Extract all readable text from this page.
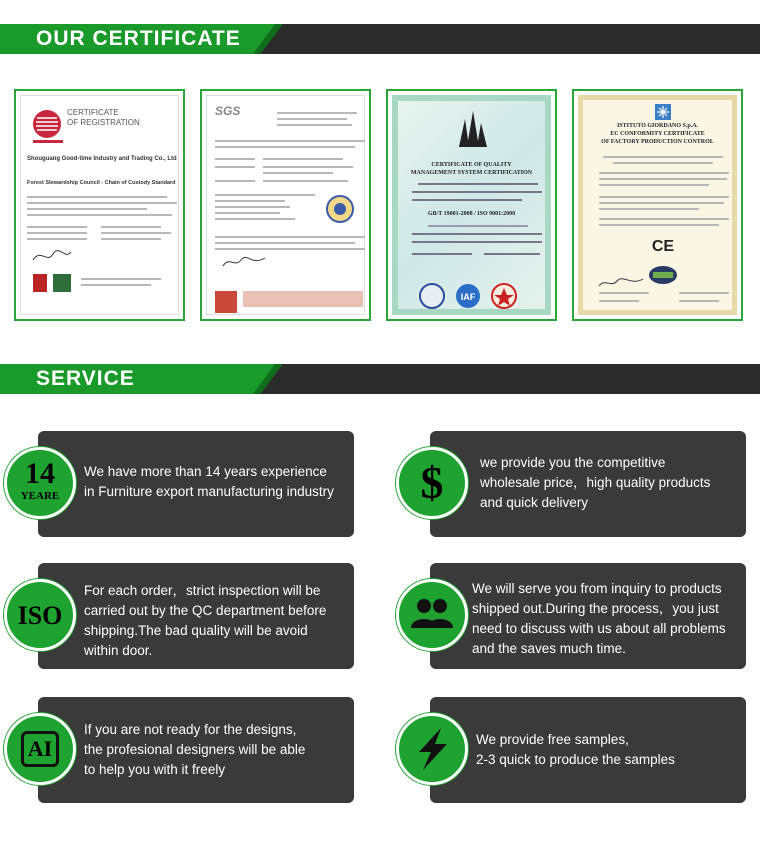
OUR CERTIFICATE
CERTIFICATE
OF REGISTRATION
Shouguang Good-time Industry and Trading Co., Ltd
Forest Stewardship Council - Chain of Custody Standard
SGS
CERTIFICATE OF QUALITY
MANAGEMENT SYSTEM CERTIFICATION
GB/T 19001-2008 / ISO 9001:2008
IAF
ISTITUTO GIORDANO S.p.A.
EC CONFORMITY CERTIFICATE
OF FACTORY PRODUCTION CONTROL
CE
SERVICE
We have more than 14 years experience
in Furniture export manufacturing industry
14
YEARE
we provide you the competitive
wholesale price，high quality products
and quick delivery
$
For each order，strict inspection will be
carried out by the QC department before
shipping.The bad quality will be avoid
within door.
ISO
We will serve you from inquiry to products
shipped out.During the process，you just
need to discuss with us about all problems
and the saves much time.
If you are not ready for the designs,
the profesional designers will be able
to help you with it freely
AI	We provide free samples,
2-3 quick to produce the samples
